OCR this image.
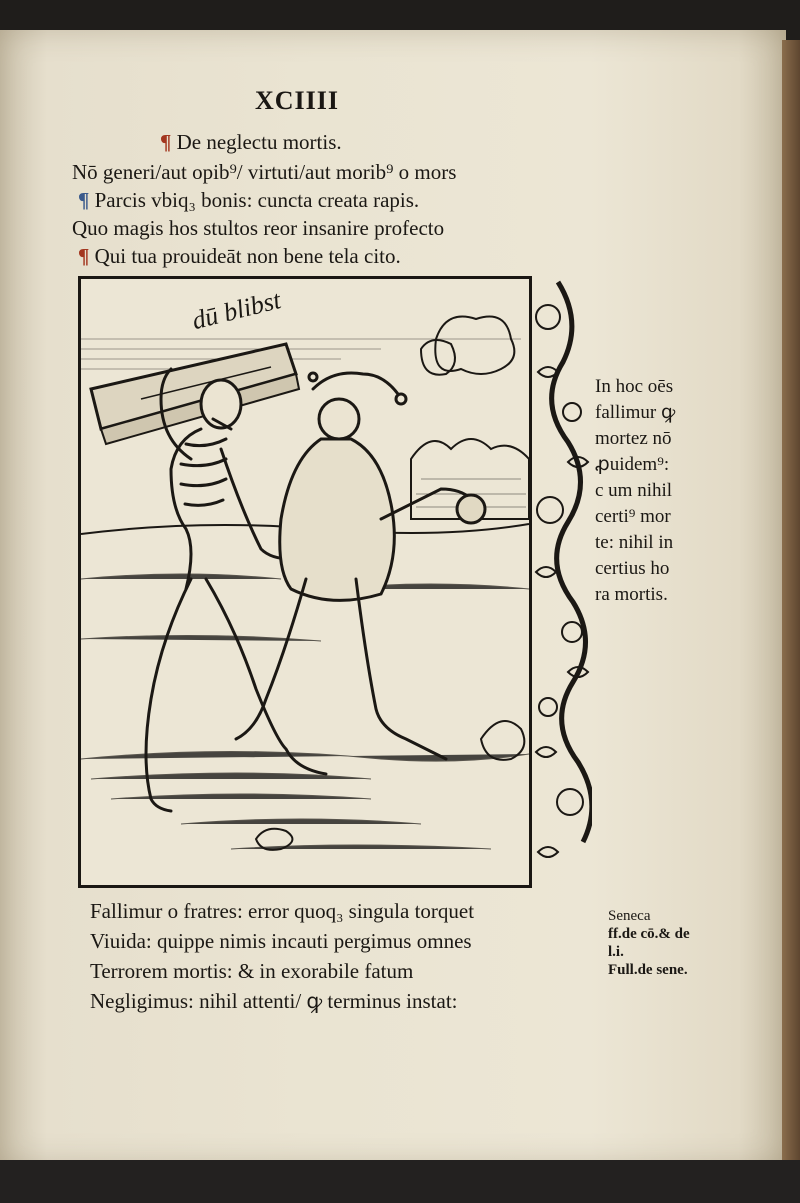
XCIIII
¶ De neglectu mortis.
Nō generi/aut opib⁹/ virtuti/aut morib⁹ o mors
¶ Parcis vbiq₃ bonis: cuncta creata rapis.
Quo magis hos stultos reor insanire profecto
¶ Qui tua prouideāt non bene tela cito.
dū blibst
In hoc oēs
fallimur ꝙ
mortez nō
ꝓuidem⁹:
c um nihil
certi⁹ mor
te: nihil in
certius ho
ra mortis.
Fallimur o fratres: error quoq₃ singula torquet
Viuida: quippe nimis incauti pergimus omnes
Terrorem mortis: & in exorabile fatum
Negligimus: nihil attenti/ ꝙ terminus instat:
Seneca
ff.de cō.& de
l.i.
Full.de sene.
